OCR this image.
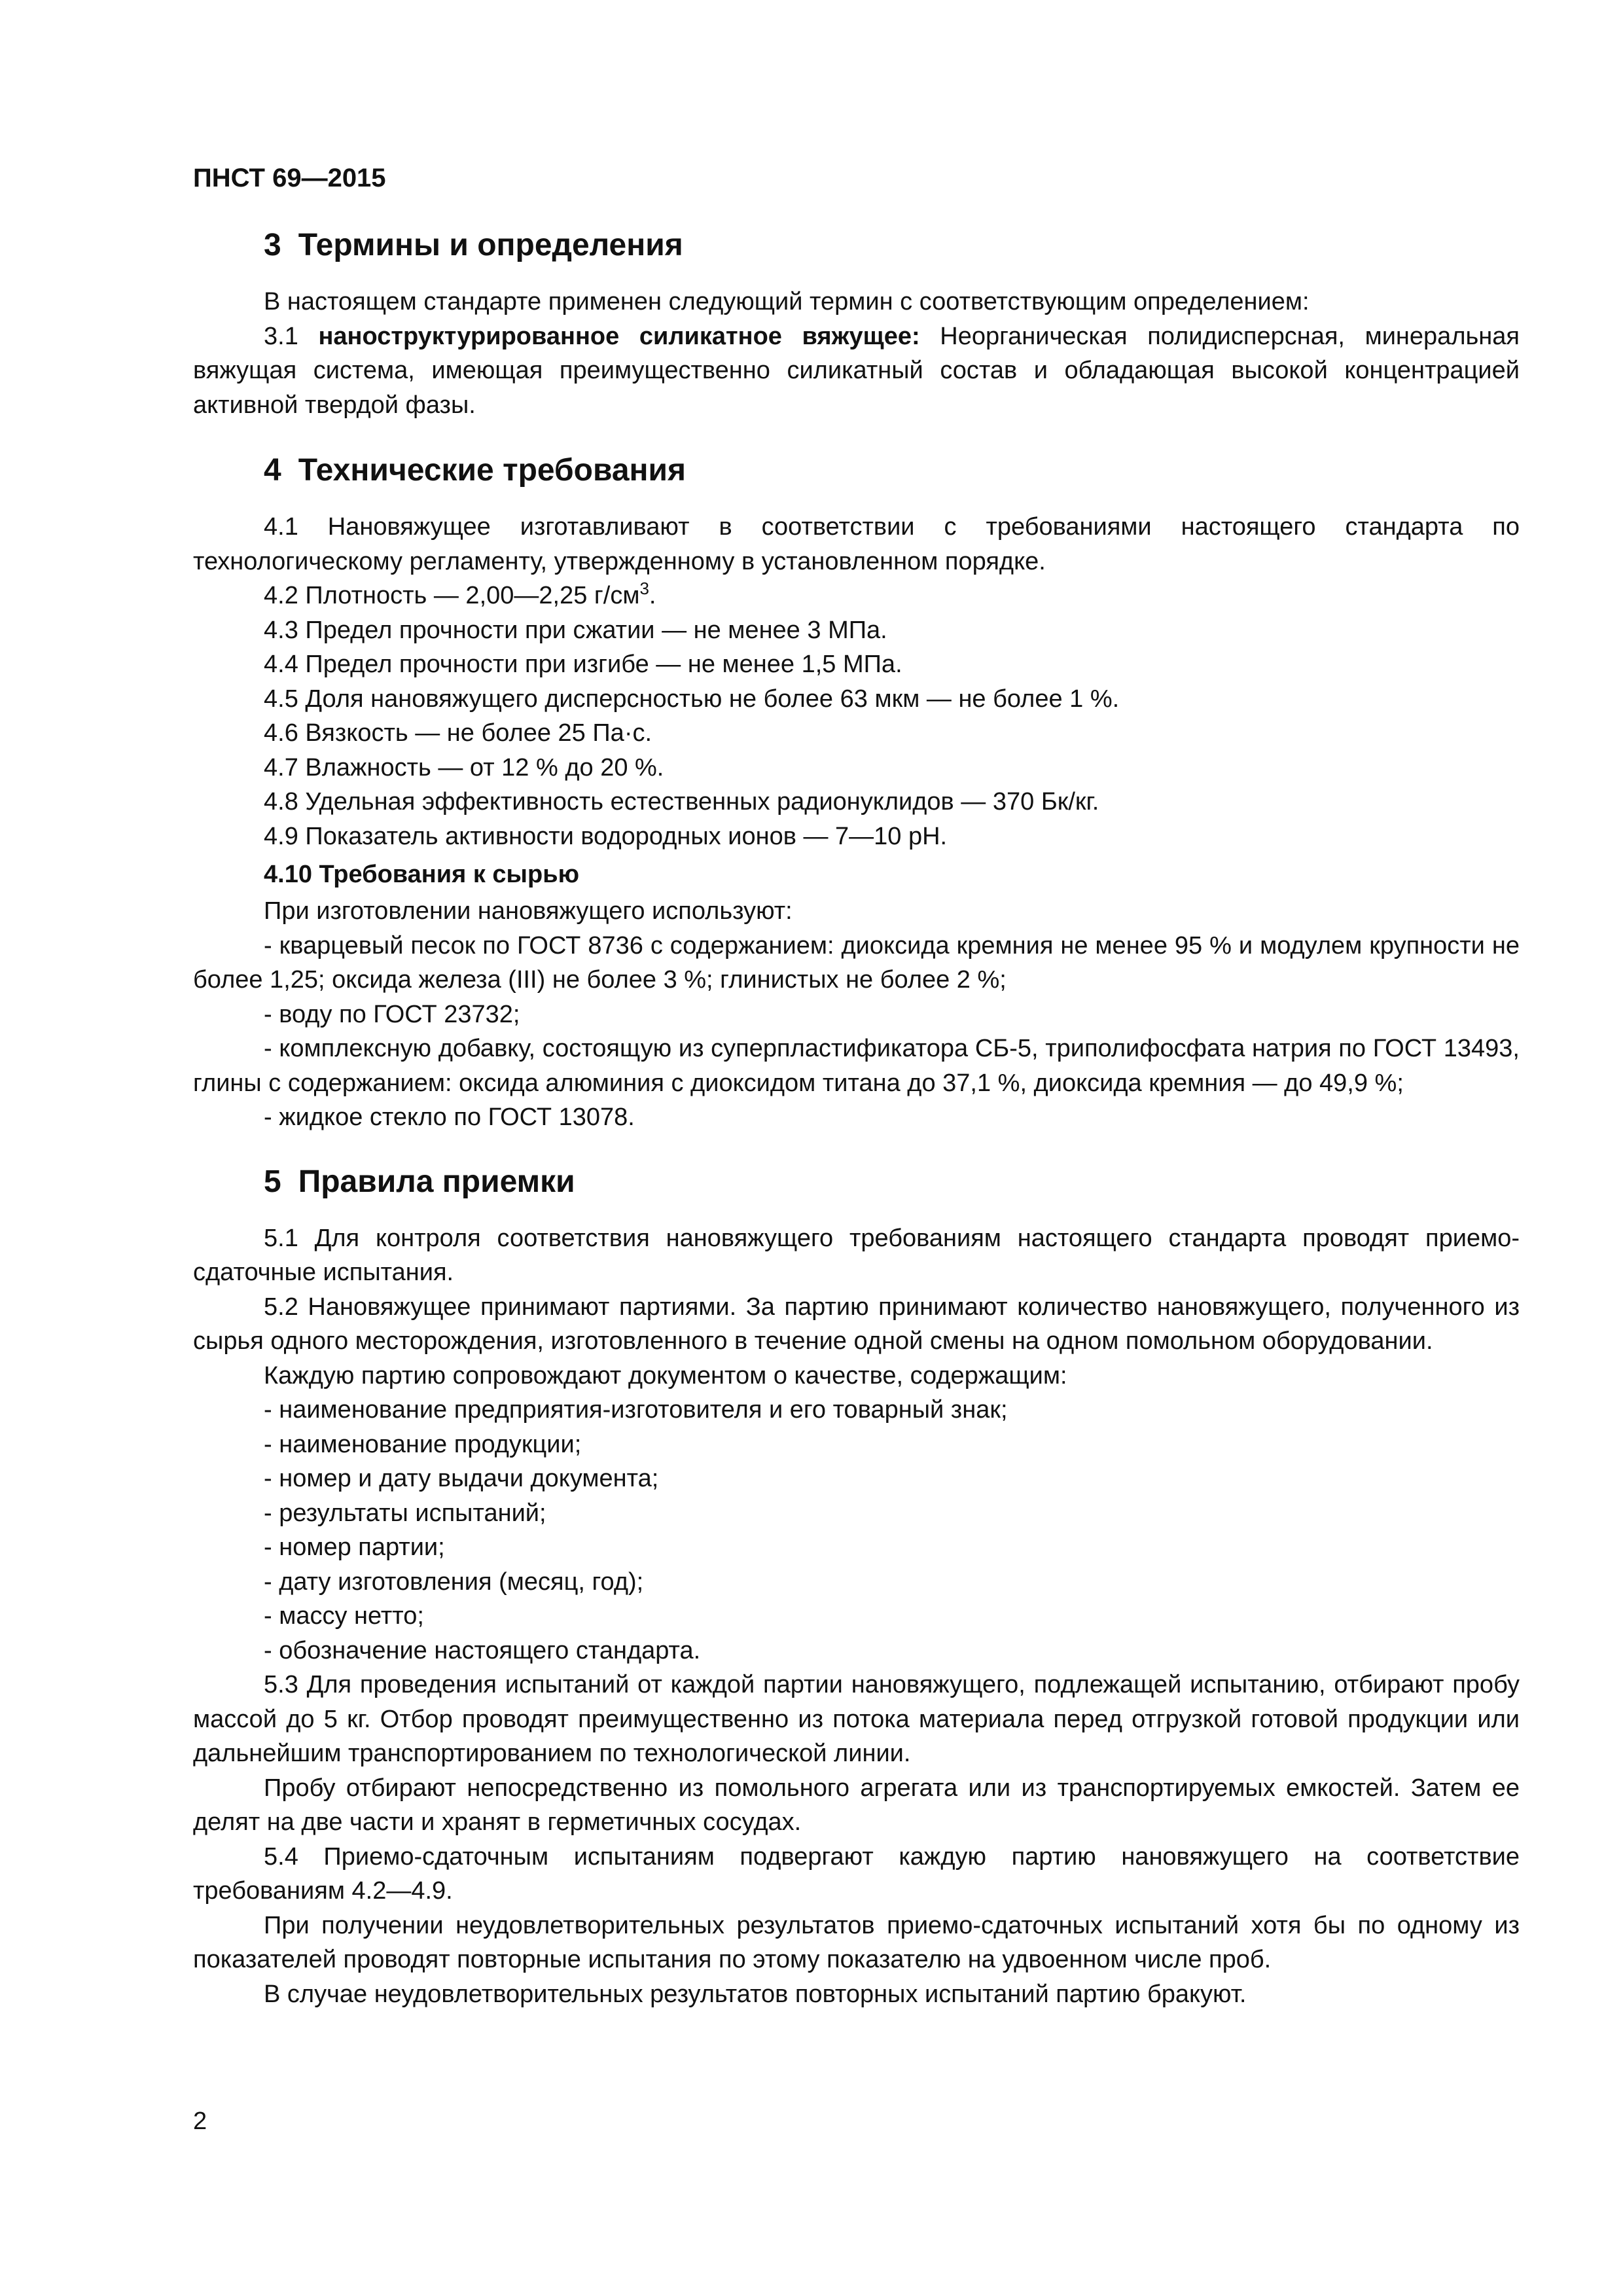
ПНСТ 69—2015

3 Термины и определения

В настоящем стандарте применен следующий термин с соответствующим определением:

3.1 наноструктурированное силикатное вяжущее: Неорганическая полидисперсная, минеральная вяжущая система, имеющая преимущественно силикатный состав и обладающая высокой концентрацией активной твердой фазы.

4 Технические требования

4.1 Нановяжущее изготавливают в соответствии с требованиями настоящего стандарта по технологическому регламенту, утвержденному в установленном порядке.

4.2 Плотность — 2,00—2,25 $г/см^3$.

4.3 Предел прочности при сжатии — не менее 3 МПа.

4.4 Предел прочности при изгибе — не менее 1,5 МПа.

4.5 Доля нановяжущего дисперсностью не более 63 мкм — не более 1 %.

4.6 Вязкость — не более 25 Па·с.

4.7 Влажность — от 12 % до 20 %.

4.8 Удельная эффективность естественных радионуклидов — 370 Бк/кг.

4.9 Показатель активности водородных ионов — 7—10 pH.

4.10 Требования к сырью

При изготовлении нановяжущего используют:

- кварцевый песок по ГОСТ 8736 с содержанием: диоксида кремния не менее 95 % и модулем крупности не более 1,25; оксида железа (III) не более 3 %; глинистых не более 2 %;

- воду по ГОСТ 23732;

- комплексную добавку, состоящую из суперпластификатора СБ-5, триполифосфата натрия по ГОСТ 13493, глины с содержанием: оксида алюминия с диоксидом титана до 37,1 %, диоксида кремния — до 49,9 %;

- жидкое стекло по ГОСТ 13078.

5 Правила приемки

5.1 Для контроля соответствия нановяжущего требованиям настоящего стандарта проводят приемо-сдаточные испытания.

5.2 Нановяжущее принимают партиями. За партию принимают количество нановяжущего, полученного из сырья одного месторождения, изготовленного в течение одной смены на одном помольном оборудовании.

Каждую партию сопровождают документом о качестве, содержащим:

- наименование предприятия-изготовителя и его товарный знак;

- наименование продукции;

- номер и дату выдачи документа;

- результаты испытаний;

- номер партии;

- дату изготовления (месяц, год);

- массу нетто;

- обозначение настоящего стандарта.

5.3 Для проведения испытаний от каждой партии нановяжущего, подлежащей испытанию, отбирают пробу массой до 5 кг. Отбор проводят преимущественно из потока материала перед отгрузкой готовой продукции или дальнейшим транспортированием по технологической линии.

Пробу отбирают непосредственно из помольного агрегата или из транспортируемых емкостей. Затем ее делят на две части и хранят в герметичных сосудах.

5.4 Приемо-сдаточным испытаниям подвергают каждую партию нановяжущего на соответствие требованиям 4.2—4.9.

При получении неудовлетворительных результатов приемо-сдаточных испытаний хотя бы по одному из показателей проводят повторные испытания по этому показателю на удвоенном числе проб.

В случае неудовлетворительных результатов повторных испытаний партию бракуют.

2
